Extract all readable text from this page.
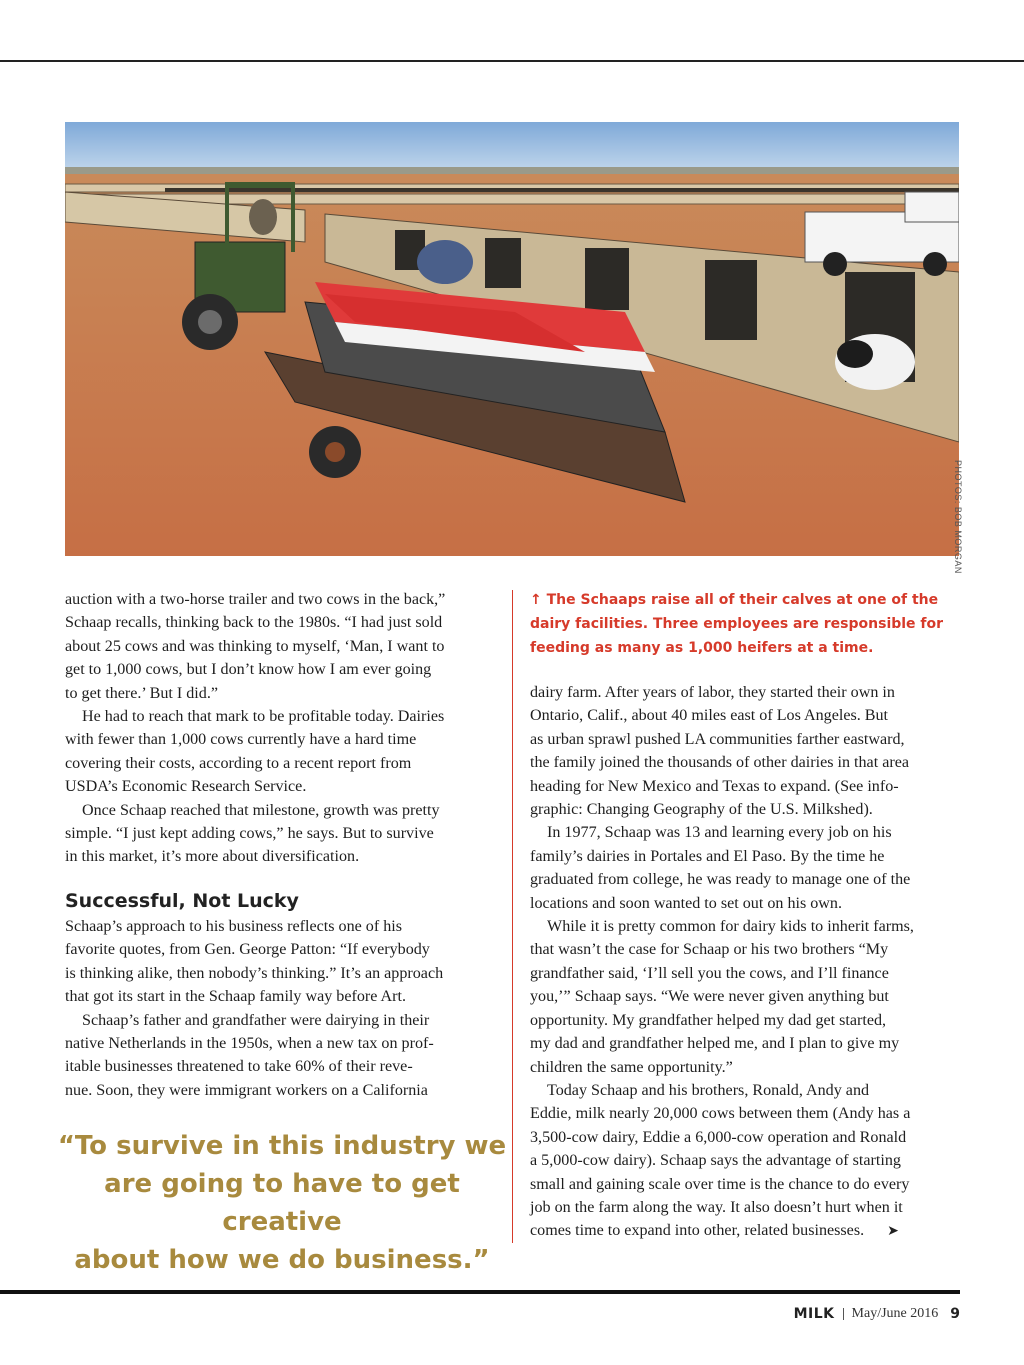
PHOTOS: BOB MORGAN

auction with a two-horse trailer and two cows in the back,”
Schaap recalls, thinking back to the 1980s. “I had just sold
about 25 cows and was thinking to myself, ‘Man, I want to
get to 1,000 cows, but I don’t know how I am ever going
to get there.’ But I did.”

He had to reach that mark to be profitable today. Dairies
with fewer than 1,000 cows currently have a hard time
covering their costs, according to a recent report from
USDA’s Economic Research Service.

Once Schaap reached that milestone, growth was pretty
simple. “I just kept adding cows,” he says. But to survive
in this market, it’s more about diversification.

Successful, Not Lucky

Schaap’s approach to his business reflects one of his
favorite quotes, from Gen. George Patton: “If everybody
is thinking alike, then nobody’s thinking.” It’s an approach
that got its start in the Schaap family way before Art.

Schaap’s father and grandfather were dairying in their
native Netherlands in the 1950s, when a new tax on prof-
itable businesses threatened to take 60% of their reve-
nue. Soon, they were immigrant workers on a California

“To survive in this industry we
are going to have to get creative
about how we do business.”
↑ The Schaaps raise all of their calves at one of the
dairy facilities. Three employees are responsible for
feeding as many as 1,000 heifers at a time.

dairy farm. After years of labor, they started their own in
Ontario, Calif., about 40 miles east of Los Angeles. But
as urban sprawl pushed LA communities farther eastward,
the family joined the thousands of other dairies in that area
heading for New Mexico and Texas to expand. (See info-
graphic: Changing Geography of the U.S. Milkshed).

In 1977, Schaap was 13 and learning every job on his
family’s dairies in Portales and El Paso. By the time he
graduated from college, he was ready to manage one of the
locations and soon wanted to set out on his own.

While it is pretty common for dairy kids to inherit farms,
that wasn’t the case for Schaap or his two brothers “My
grandfather said, ‘I’ll sell you the cows, and I’ll finance
you,’” Schaap says. “We were never given anything but
opportunity. My grandfather helped my dad get started,
my dad and grandfather helped me, and I plan to give my
children the same opportunity.”

Today Schaap and his brothers, Ronald, Andy and
Eddie, milk nearly 20,000 cows between them (Andy has a
3,500-cow dairy, Eddie a 6,000-cow operation and Ronald
a 5,000-cow dairy). Schaap says the advantage of starting
small and gaining scale over time is the chance to do every
job on the farm along the way. It also doesn’t hurt when it
comes time to expand into other, related businesses. ➤

MILK May/June 2016 9
